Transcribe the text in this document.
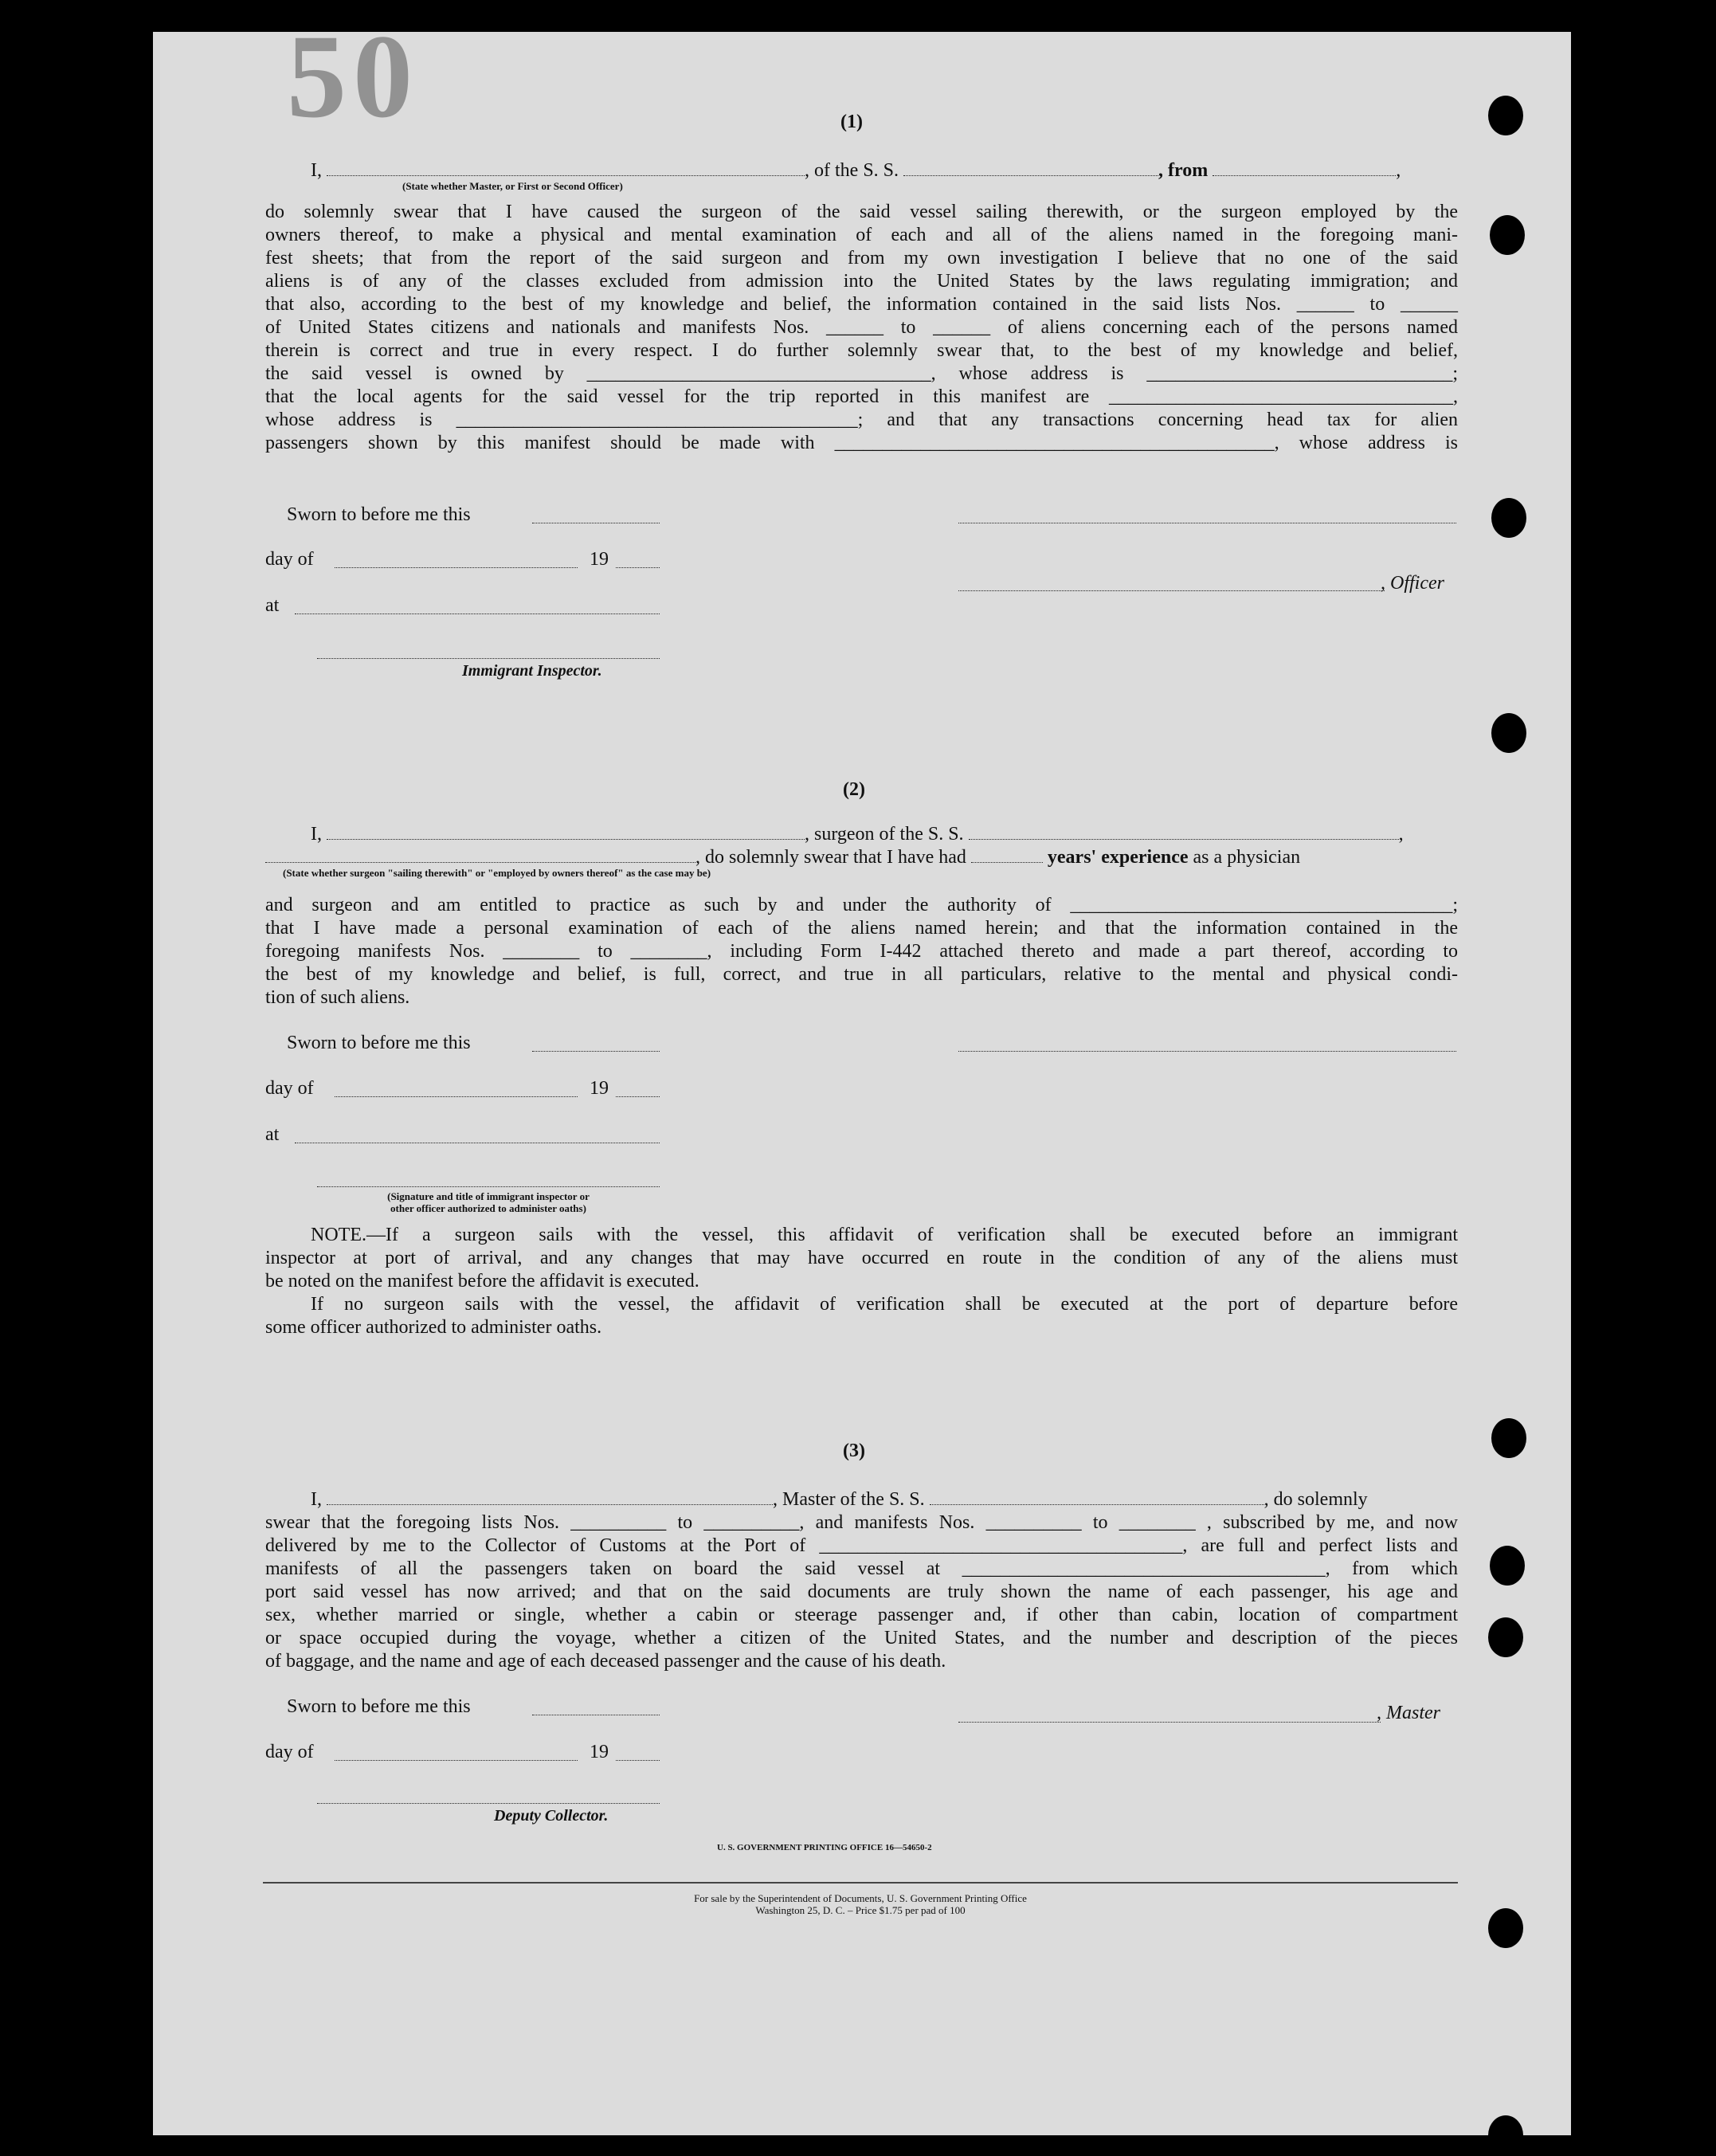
50	(1)
I,	, of the S. S.	, from	,
(State whether Master, or First or Second Officer)
do solemnly swear that I have caused the surgeon of the said vessel sailing therewith, or the surgeon employed by the
owners thereof, to make a physical and mental examination of each and all of the aliens named in the foregoing mani-
fest sheets; that from the report of the said surgeon and from my own investigation I believe that no one of the said
aliens is of any of the classes excluded from admission into the United States by the laws regulating immigration; and
that also, according to the best of my knowledge and belief, the information contained in the said lists Nos. ______ to ______
of United States citizens and nationals and manifests Nos. ______ to ______ of aliens concerning each of the persons named
therein is correct and true in every respect. I do further solemnly swear that, to the best of my knowledge and belief,
the said vessel is owned by ____________________________________, whose address is ________________________________;
that the local agents for the said vessel for the trip reported in this manifest are ____________________________________,
whose address is __________________________________________; and that any transactions concerning head tax for alien
passengers shown by this manifest should be made with ______________________________________________, whose address is
Sworn to before me this
day of	19
, Officer
at
Immigrant Inspector.
(2)
I,	, surgeon of the S. S.	,
, do solemnly swear that I have had	years' experience as a physician
(State whether surgeon "sailing therewith" or "employed by owners thereof" as the case may be)
and surgeon and am entitled to practice as such by and under the authority of ________________________________________;
that I have made a personal examination of each of the aliens named herein; and that the information contained in the
foregoing manifests Nos. ________ to ________, including Form I-442 attached thereto and made a part thereof, according to
the best of my knowledge and belief, is full, correct, and true in all particulars, relative to the mental and physical condi-
tion of such aliens.
Sworn to before me this
day of	19
at
(Signature and title of immigrant inspector or
other officer authorized to administer oaths)
NOTE.—If a surgeon sails with the vessel, this affidavit of verification shall be executed before an immigrant
inspector at port of arrival, and any changes that may have occurred en route in the condition of any of the aliens must
be noted on the manifest before the affidavit is executed.
If no surgeon sails with the vessel, the affidavit of verification shall be executed at the port of departure before
some officer authorized to administer oaths.
(3)
I,	, Master of the S. S.	, do solemnly
swear that the foregoing lists Nos. __________ to __________, and manifests Nos. __________ to ________ , subscribed by me, and now
delivered by me to the Collector of Customs at the Port of ______________________________________, are full and perfect lists and
manifests of all the passengers taken on board the said vessel at ______________________________________, from which
port said vessel has now arrived; and that on the said documents are truly shown the name of each passenger, his age and
sex, whether married or single, whether a cabin or steerage passenger and, if other than cabin, location of compartment
or space occupied during the voyage, whether a citizen of the United States, and the number and description of the pieces
of baggage, and the name and age of each deceased passenger and the cause of his death.
Sworn to before me this	, Master
day of	19
Deputy Collector.
U. S. GOVERNMENT PRINTING OFFICE 16—54650-2
For sale by the Superintendent of Documents, U. S. Government Printing Office
Washington 25, D. C. – Price $1.75 per pad of 100
